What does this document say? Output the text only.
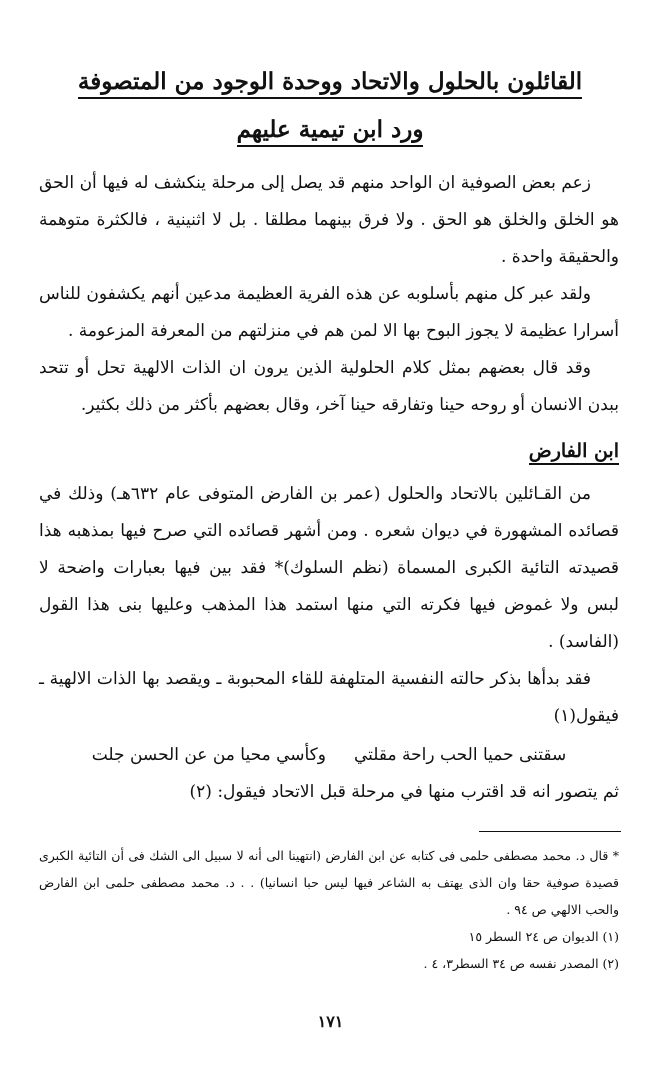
القائلون بالحلول والاتحاد ووحدة الوجود من المتصوفة
ورد ابن تيمية عليهم

زعم بعض الصوفية ان الواحد منهم قد يصل إلى مرحلة ينكشف له فيها أن الحق هو الخلق والخلق هو الحق . ولا فرق بينهما مطلقا . بل لا اثنينية ، فالكثرة متوهمة والحقيقة واحدة .

ولقد عبر كل منهم بأسلوبه عن هذه الفرية العظيمة مدعين أنهم يكشفون للناس أسرارا عظيمة لا يجوز البوح بها الا لمن هم في منزلتهم من المعرفة المزعومة .

وقد قال بعضهم بمثل كلام الحلولية الذين يرون ان الذات الالهية تحل أو تتحد ببدن الانسان أو روحه حينا وتفارقه حينا آخر، وقال بعضهم بأكثر من ذلك بكثير.

ابن الفارض

من القـائلين بالاتحاد والحلول (عمر بن الفارض المتوفى عام ٦٣٢هـ) وذلك في قصائده المشهورة في ديوان شعره . ومن أشهر قصائده التي صرح فيها بمذهبه هذا قصيدته التائية الكبرى المسماة (نظم السلوك)* فقد بين فيها بعبارات واضحة لا لبس ولا غموض فيها فكرته التي منها استمد هذا المذهب وعليها بنى هذا القول (الفاسد) .

فقد بدأها بذكر حالته النفسية المتلهفة للقاء المحبوبة ـ ويقصد بها الذات الالهية ـ فيقول(١)

سقتنى حميا الحب راحة مقلتي
وكأسي محيا من عن الحسن جلت

ثم يتصور انه قد اقترب منها في مرحلة قبل الاتحاد فيقول: (٢)

* قال د. محمد مصطفى حلمى فى كتابه عن ابن الفارض (انتهينا الى أنه لا سبيل الى الشك فى أن التائية الكبرى قصيدة صوفية حقا وان الذى يهتف به الشاعر فيها ليس حبا انسانيا) . . د. محمد مصطفى حلمى ابن الفارض والحب الالهي ص ٩٤ .

(١) الديوان ص ٢٤ السطر ١٥

(٢) المصدر نفسه ص ٣٤ السطر٣، ٤ .

١٧١
